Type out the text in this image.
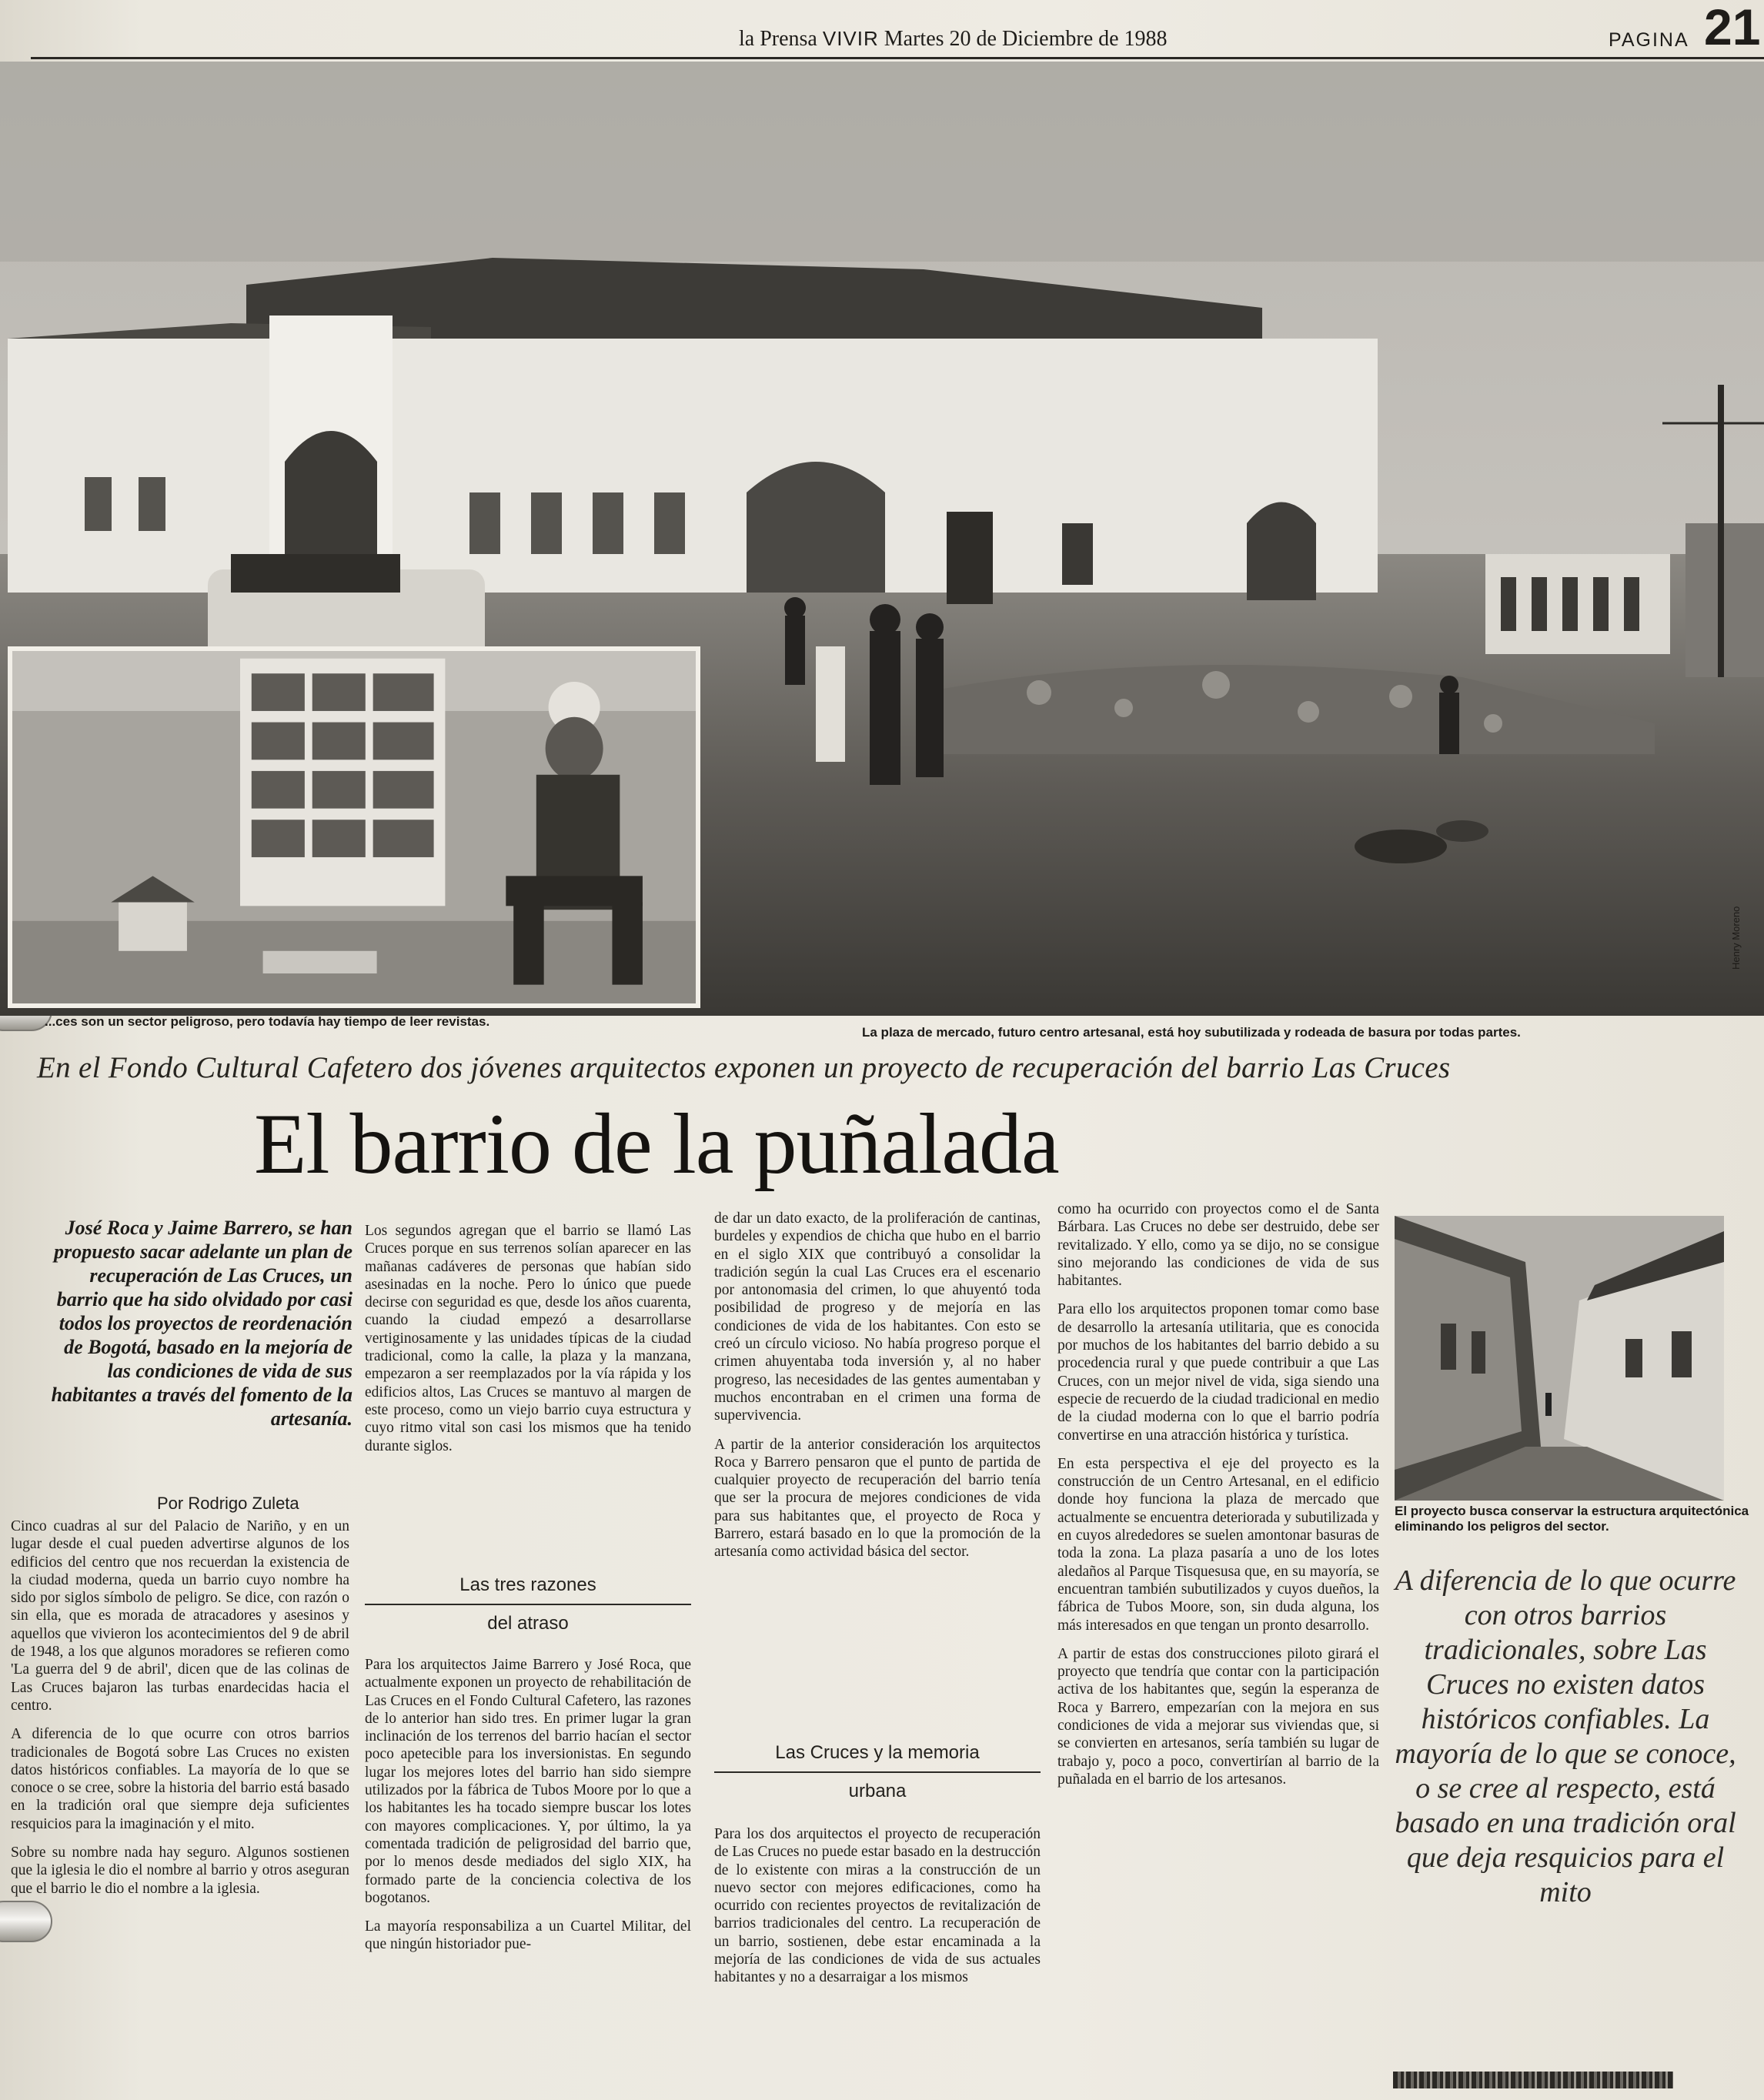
la Prensa VIVIR Martes 20 de Diciembre de 1988	PAGINA 21
Henry Moreno
...ces son un sector peligroso, pero todavía hay tiempo de leer revistas.
La plaza de mercado, futuro centro artesanal, está hoy subutilizada y rodeada de basura por todas partes.
En el Fondo Cultural Cafetero dos jóvenes arquitectos exponen un proyecto de recuperación del barrio Las Cruces
El barrio de la puñalada
José Roca y Jaime Barrero, se han propuesto sacar adelante un plan de recuperación de Las Cruces, un barrio que ha sido olvidado por casi todos los proyectos de reordenación de Bogotá, basado en la mejoría de las condiciones de vida de sus habitantes a través del fomento de la artesanía.
Por Rodrigo Zuleta

Cinco cuadras al sur del Palacio de Nariño, y en un lugar desde el cual pueden advertirse algunos de los edificios del centro que nos recuerdan la existencia de la ciudad moderna, queda un barrio cuyo nombre ha sido por siglos símbolo de peligro. Se dice, con razón o sin ella, que es morada de atracadores y asesinos y aquellos que vivieron los acontecimientos del 9 de abril de 1948, a los que algunos moradores se refieren como 'La guerra del 9 de abril', dicen que de las colinas de Las Cruces bajaron las turbas enardecidas hacia el centro.

A diferencia de lo que ocurre con otros barrios tradicionales de Bogotá sobre Las Cruces no existen datos históricos confiables. La mayoría de lo que se conoce o se cree, sobre la historia del barrio está basado en la tradición oral que siempre deja suficientes resquicios para la imaginación y el mito.

Sobre su nombre nada hay seguro. Algunos sostienen que la iglesia le dio el nombre al barrio y otros aseguran que el barrio le dio el nombre a la iglesia.

Los segundos agregan que el barrio se llamó Las Cruces porque en sus terrenos solían aparecer en las mañanas cadáveres de personas que habían sido asesinadas en la noche. Pero lo único que puede decirse con seguridad es que, desde los años cuarenta, cuando la ciudad empezó a desarrollarse vertiginosamente y las unidades típicas de la ciudad tradicional, como la calle, la plaza y la manzana, empezaron a ser reemplazados por la vía rápida y los edificios altos, Las Cruces se mantuvo al margen de este proceso, como un viejo barrio cuya estructura y cuyo ritmo vital son casi los mismos que ha tenido durante siglos.

Las tres razones
del atraso

Para los arquitectos Jaime Barrero y José Roca, que actualmente exponen un proyecto de rehabilitación de Las Cruces en el Fondo Cultural Cafetero, las razones de lo anterior han sido tres. En primer lugar la gran inclinación de los terrenos del barrio hacían el sector poco apetecible para los inversionistas. En segundo lugar los mejores lotes del barrio han sido siempre utilizados por la fábrica de Tubos Moore por lo que a los habitantes les ha tocado siempre buscar los lotes con mayores complicaciones. Y, por último, la ya comentada tradición de peligrosidad del barrio que, por lo menos desde mediados del siglo XIX, ha formado parte de la conciencia colectiva de los bogotanos.

La mayoría responsabiliza a un Cuartel Militar, del que ningún historiador pue-

de dar un dato exacto, de la proliferación de cantinas, burdeles y expendios de chicha que hubo en el barrio en el siglo XIX que contribuyó a consolidar la tradición según la cual Las Cruces era el escenario por antonomasia del crimen, lo que ahuyentó toda posibilidad de progreso y de mejoría en las condiciones de vida de los habitantes. Con esto se creó un círculo vicioso. No había progreso porque el crimen ahuyentaba toda inversión y, al no haber progreso, las necesidades de las gentes aumentaban y muchos encontraban en el crimen una forma de supervivencia.

A partir de la anterior consideración los arquitectos Roca y Barrero pensaron que el punto de partida de cualquier proyecto de recuperación del barrio tenía que ser la procura de mejores condiciones de vida para sus habitantes que, el proyecto de Roca y Barrero, estará basado en lo que la promoción de la artesanía como actividad básica del sector.

Las Cruces y la memoria
urbana

Para los dos arquitectos el proyecto de recuperación de Las Cruces no puede estar basado en la destrucción de lo existente con miras a la construcción de un nuevo sector con mejores edificaciones, como ha ocurrido con recientes proyectos de revitalización de barrios tradicionales del centro. La recuperación de un barrio, sostienen, debe estar encaminada a la mejoría de las condiciones de vida de sus actuales habitantes y no a desarraigar a los mismos

como ha ocurrido con proyectos como el de Santa Bárbara. Las Cruces no debe ser destruido, debe ser revitalizado. Y ello, como ya se dijo, no se consigue sino mejorando las condiciones de vida de sus habitantes.

Para ello los arquitectos proponen tomar como base de desarrollo la artesanía utilitaria, que es conocida por muchos de los habitantes del barrio debido a su procedencia rural y que puede contribuir a que Las Cruces, con un mejor nivel de vida, siga siendo una especie de recuerdo de la ciudad tradicional en medio de la ciudad moderna con lo que el barrio podría convertirse en una atracción histórica y turística.

En esta perspectiva el eje del proyecto es la construcción de un Centro Artesanal, en el edificio donde hoy funciona la plaza de mercado que actualmente se encuentra deteriorada y subutilizada y en cuyos alrededores se suelen amontonar basuras de toda la zona. La plaza pasaría a uno de los lotes aledaños al Parque Tisquesusa que, en su mayoría, se encuentran también subutilizados y cuyos dueños, la fábrica de Tubos Moore, son, sin duda alguna, los más interesados en que tengan un pronto desarrollo.

A partir de estas dos construcciones piloto girará el proyecto que tendría que contar con la participación activa de los habitantes que, según la esperanza de Roca y Barrero, empezarían con la mejora en sus condiciones de vida a mejorar sus viviendas que, si se convierten en artesanos, sería también su lugar de trabajo y, poco a poco, convertirían al barrio de la puñalada en el barrio de los artesanos.

El proyecto busca conservar la estructura arquitectónica eliminando los peligros del sector.
A diferencia de lo que ocurre con otros barrios tradicionales, sobre Las Cruces no existen datos históricos confiables. La mayoría de lo que se conoce, o se cree al respecto, está basado en una tradición oral que deja resquicios para el mito
